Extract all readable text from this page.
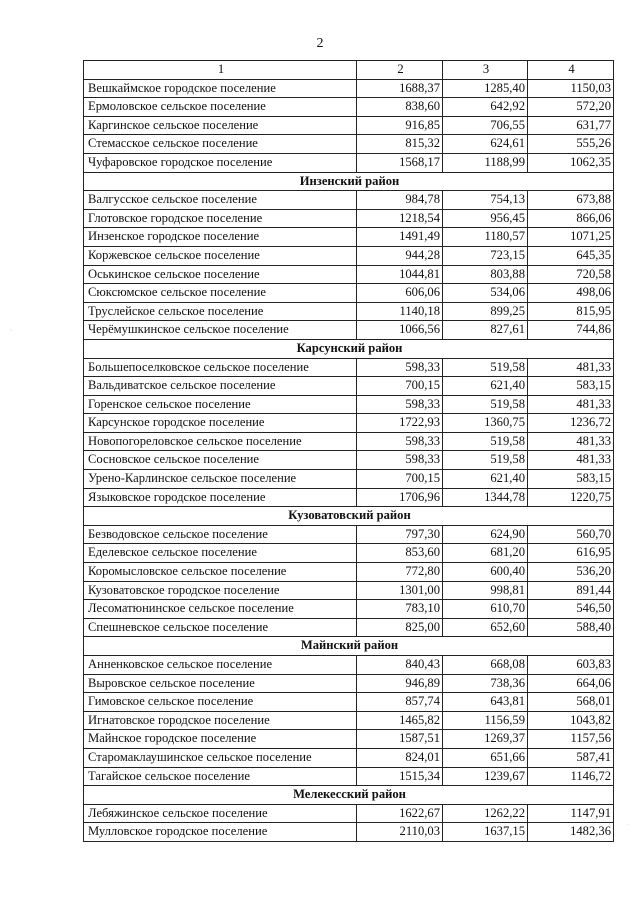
2
1	2	3	4
Вешкаймское городское поселение	1688,37	1285,40	1150,03
Ермоловское сельское поселение	838,60	642,92	572,20
Каргинское сельское поселение	916,85	706,55	631,77
Стемасское сельское поселение	815,32	624,61	555,26
Чуфаровское городское поселение	1568,17	1188,99	1062,35
Инзенский район			
Валгусское сельское поселение	984,78	754,13	673,88
Глотовское городское поселение	1218,54	956,45	866,06
Инзенское городское поселение	1491,49	1180,57	1071,25
Коржевское сельское поселение	944,28	723,15	645,35
Оськинское сельское поселение	1044,81	803,88	720,58
Сюксюмское сельское поселение	606,06	534,06	498,06
Труслейское сельское поселение	1140,18	899,25	815,95
Черёмушкинское сельское поселение	1066,56	827,61	744,86
Карсунский район			
Большепоселковское сельское поселение	598,33	519,58	481,33
Вальдиватское сельское поселение	700,15	621,40	583,15
Горенское сельское поселение	598,33	519,58	481,33
Карсунское городское поселение	1722,93	1360,75	1236,72
Новопогореловское сельское поселение	598,33	519,58	481,33
Сосновское сельское поселение	598,33	519,58	481,33
Урено-Карлинское сельское поселение	700,15	621,40	583,15
Языковское городское поселение	1706,96	1344,78	1220,75
Кузоватовский район			
Безводовское сельское поселение	797,30	624,90	560,70
Еделевское сельское поселение	853,60	681,20	616,95
Коромысловское сельское поселение	772,80	600,40	536,20
Кузоватовское городское поселение	1301,00	998,81	891,44
Лесоматюнинское сельское поселение	783,10	610,70	546,50
Спешневское сельское поселение	825,00	652,60	588,40
Майнский район			
Анненковское сельское поселение	840,43	668,08	603,83
Выровское сельское поселение	946,89	738,36	664,06
Гимовское сельское поселение	857,74	643,81	568,01
Игнатовское городское поселение	1465,82	1156,59	1043,82
Майнское городское поселение	1587,51	1269,37	1157,56
Старомаклаушинское сельское поселение	824,01	651,66	587,41
Тагайское сельское поселение	1515,34	1239,67	1146,72
Мелекесский район			
Лебяжинское сельское поселение	1622,67	1262,22	1147,91
Мулловское городское поселение	2110,03	1637,15	1482,36
·
·
